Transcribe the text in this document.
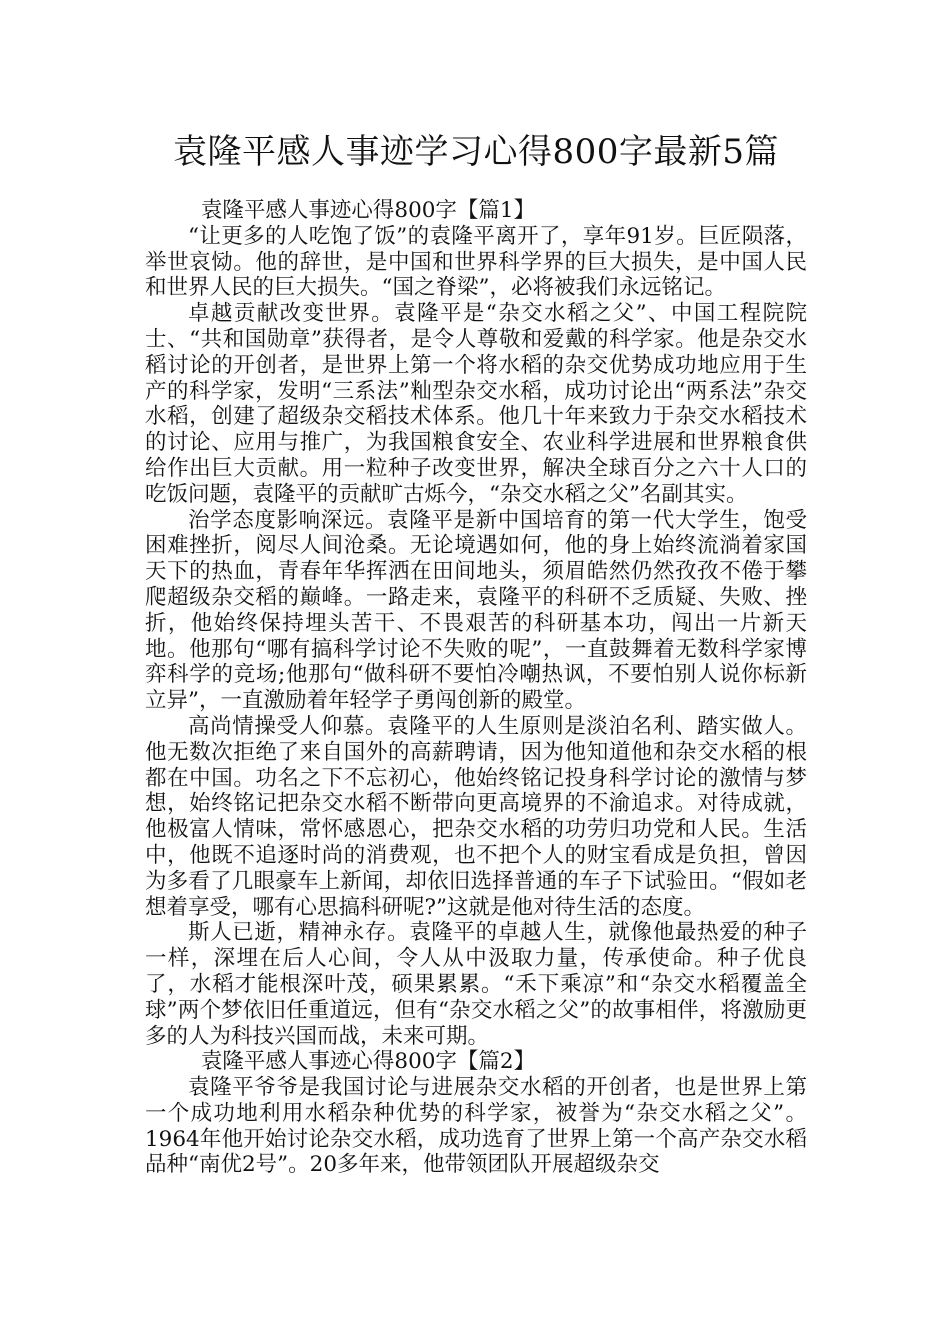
袁隆平感人事迹学习心得800字最新5篇

袁隆平感人事迹心得800字【篇1】

“让更多的人吃饱了饭”的袁隆平离开了，享年91岁。巨匠陨落，举世哀恸。他的辞世，是中国和世界科学界的巨大损失，是中国人民和世界人民的巨大损失。“国之脊梁”，必将被我们永远铭记。

卓越贡献改变世界。袁隆平是“杂交水稻之父”、中国工程院院士、“共和国勋章”获得者，是令人尊敬和爱戴的科学家。他是杂交水稻讨论的开创者，是世界上第一个将水稻的杂交优势成功地应用于生产的科学家，发明“三系法”籼型杂交水稻，成功讨论出“两系法”杂交水稻，创建了超级杂交稻技术体系。他几十年来致力于杂交水稻技术的讨论、应用与推广，为我国粮食安全、农业科学进展和世界粮食供给作出巨大贡献。用一粒种子改变世界，解决全球百分之六十人口的吃饭问题，袁隆平的贡献旷古烁今，“杂交水稻之父”名副其实。

治学态度影响深远。袁隆平是新中国培育的第一代大学生，饱受困难挫折，阅尽人间沧桑。无论境遇如何，他的身上始终流淌着家国天下的热血，青春年华挥洒在田间地头，须眉皓然仍然孜孜不倦于攀爬超级杂交稻的巅峰。一路走来，袁隆平的科研不乏质疑、失败、挫折，他始终保持埋头苦干、不畏艰苦的科研基本功，闯出一片新天地。他那句“哪有搞科学讨论不失败的呢”，一直鼓舞着无数科学家博弈科学的竞场;他那句“做科研不要怕冷嘲热讽，不要怕别人说你标新立异”，一直激励着年轻学子勇闯创新的殿堂。

高尚情操受人仰慕。袁隆平的人生原则是淡泊名利、踏实做人。他无数次拒绝了来自国外的高薪聘请，因为他知道他和杂交水稻的根都在中国。功名之下不忘初心，他始终铭记投身科学讨论的激情与梦想，始终铭记把杂交水稻不断带向更高境界的不渝追求。对待成就，他极富人情味，常怀感恩心，把杂交水稻的功劳归功党和人民。生活中，他既不追逐时尚的消费观，也不把个人的财宝看成是负担，曾因为多看了几眼豪车上新闻，却依旧选择普通的车子下试验田。“假如老想着享受，哪有心思搞科研呢?”这就是他对待生活的态度。

斯人已逝，精神永存。袁隆平的卓越人生，就像他最热爱的种子一样，深埋在后人心间，令人从中汲取力量，传承使命。种子优良了，水稻才能根深叶茂，硕果累累。“禾下乘凉”和“杂交水稻覆盖全球”两个梦依旧任重道远，但有“杂交水稻之父”的故事相伴，将激励更多的人为科技兴国而战，未来可期。

袁隆平感人事迹心得800字【篇2】

袁隆平爷爷是我国讨论与进展杂交水稻的开创者，也是世界上第一个成功地利用水稻杂种优势的科学家，被誉为“杂交水稻之父”。1964年他开始讨论杂交水稻，成功选育了世界上第一个高产杂交水稻品种“南优2号”。20多年来，他带领团队开展超级杂交
